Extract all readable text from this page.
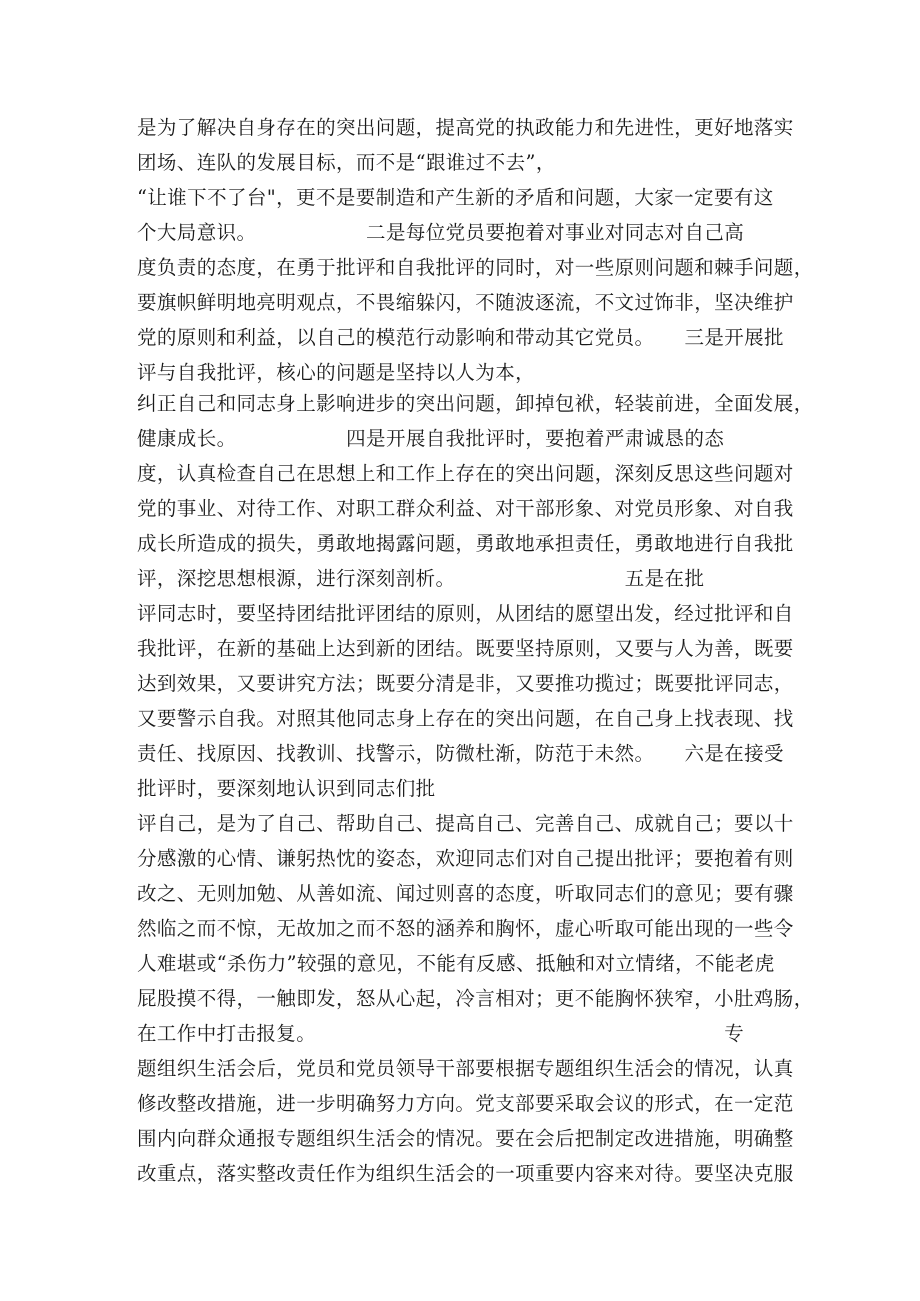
是为了解决自身存在的突出问题，提高党的执政能力和先进性，更好地落实
团场、连队的发展目标，而不是“跟谁过不去”，
“让谁下不了台"，更不是要制造和产生新的矛盾和问题，大家一定要有这
个大局意识。　　　　　　二是每位党员要抱着对事业对同志对自己高
度负责的态度，在勇于批评和自我批评的同时，对一些原则问题和棘手问题，
要旗帜鲜明地亮明观点，不畏缩躲闪，不随波逐流，不文过饰非，坚决维护
党的原则和利益，以自己的模范行动影响和带动其它党员。　　三是开展批
评与自我批评，核心的问题是坚持以人为本，
纠正自己和同志身上影响进步的突出问题，卸掉包袱，轻装前进，全面发展，
健康成长。　　　　　　四是开展自我批评时，要抱着严肃诚恳的态
度，认真检查自己在思想上和工作上存在的突出问题，深刻反思这些问题对
党的事业、对待工作、对职工群众利益、对干部形象、对党员形象、对自我
成长所造成的损失，勇敢地揭露问题，勇敢地承担责任，勇敢地进行自我批
评，深挖思想根源，进行深刻剖析。　　　　　　　　　五是在批
评同志时，要坚持团结批评团结的原则，从团结的愿望出发，经过批评和自
我批评，在新的基础上达到新的团结。既要坚持原则，又要与人为善，既要
达到效果，又要讲究方法；既要分清是非，又要推功揽过；既要批评同志，
又要警示自我。对照其他同志身上存在的突出问题，在自己身上找表现、找
责任、找原因、找教训、找警示，防微杜渐，防范于未然。　　六是在接受
批评时，要深刻地认识到同志们批
评自己，是为了自己、帮助自己、提高自己、完善自己、成就自己；要以十
分感激的心情、谦躬热忱的姿态，欢迎同志们对自己提出批评；要抱着有则
改之、无则加勉、从善如流、闻过则喜的态度，听取同志们的意见；要有骤
然临之而不惊，无故加之而不怒的涵养和胸怀，虚心听取可能出现的一些令
人难堪或“杀伤力”较强的意见，不能有反感、抵触和对立情绪，不能老虎
屁股摸不得，一触即发，怒从心起，冷言相对；更不能胸怀狭窄，小肚鸡肠，
在工作中打击报复。　　　　　　　　　　　　　　　　　　　　　专
题组织生活会后，党员和党员领导干部要根据专题组织生活会的情况，认真
修改整改措施，进一步明确努力方向。党支部要采取会议的形式，在一定范
围内向群众通报专题组织生活会的情况。要在会后把制定改进措施，明确整
改重点，落实整改责任作为组织生活会的一项重要内容来对待。要坚决克服
